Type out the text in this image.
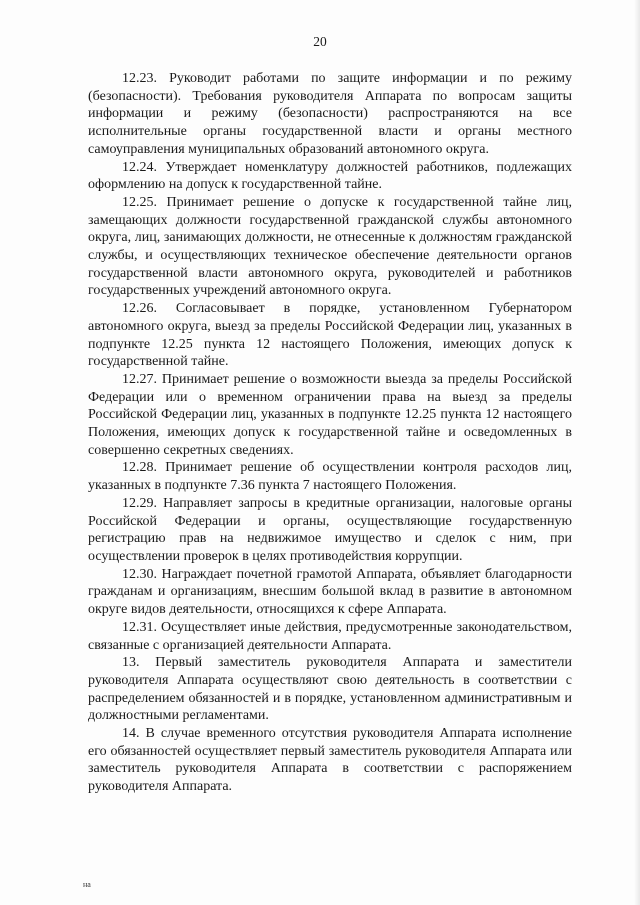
20

12.23. Руководит работами по защите информации и по режиму (безопасности). Требования руководителя Аппарата по вопросам защиты информации и режиму (безопасности) распространяются на все исполнительные органы государственной власти и органы местного самоуправления муниципальных образований автономного округа.

12.24. Утверждает номенклатуру должностей работников, подлежащих оформлению на допуск к государственной тайне.

12.25. Принимает решение о допуске к государственной тайне лиц, замещающих должности государственной гражданской службы автономного округа, лиц, занимающих должности, не отнесенные к должностям гражданской службы, и осуществляющих техническое обеспечение деятельности органов государственной власти автономного округа, руководителей и работников государственных учреждений автономного округа.

12.26. Согласовывает в порядке, установленном Губернатором автономного округа, выезд за пределы Российской Федерации лиц, указанных в подпункте 12.25 пункта 12 настоящего Положения, имеющих допуск к государственной тайне.

12.27. Принимает решение о возможности выезда за пределы Российской Федерации или о временном ограничении права на выезд за пределы Российской Федерации лиц, указанных в подпункте 12.25 пункта 12 настоящего Положения, имеющих допуск к государственной тайне и осведомленных в совершенно секретных сведениях.

12.28. Принимает решение об осуществлении контроля расходов лиц, указанных в подпункте 7.36 пункта 7 настоящего Положения.

12.29. Направляет запросы в кредитные организации, налоговые органы Российской Федерации и органы, осуществляющие государственную регистрацию прав на недвижимое имущество и сделок с ним, при осуществлении проверок в целях противодействия коррупции.

12.30. Награждает почетной грамотой Аппарата, объявляет благодарности гражданам и организациям, внесшим большой вклад в развитие в автономном округе видов деятельности, относящихся к сфере Аппарата.

12.31. Осуществляет иные действия, предусмотренные законодательством, связанные с организацией деятельности Аппарата.

13. Первый заместитель руководителя Аппарата и заместители руководителя Аппарата осуществляют свою деятельность в соответствии с распределением обязанностей и в порядке, установленном административным и должностными регламентами.

14. В случае временного отсутствия руководителя Аппарата исполнение его обязанностей осуществляет первый заместитель руководителя Аппарата или заместитель руководителя Аппарата в соответствии с распоряжением руководителя Аппарата.

на
